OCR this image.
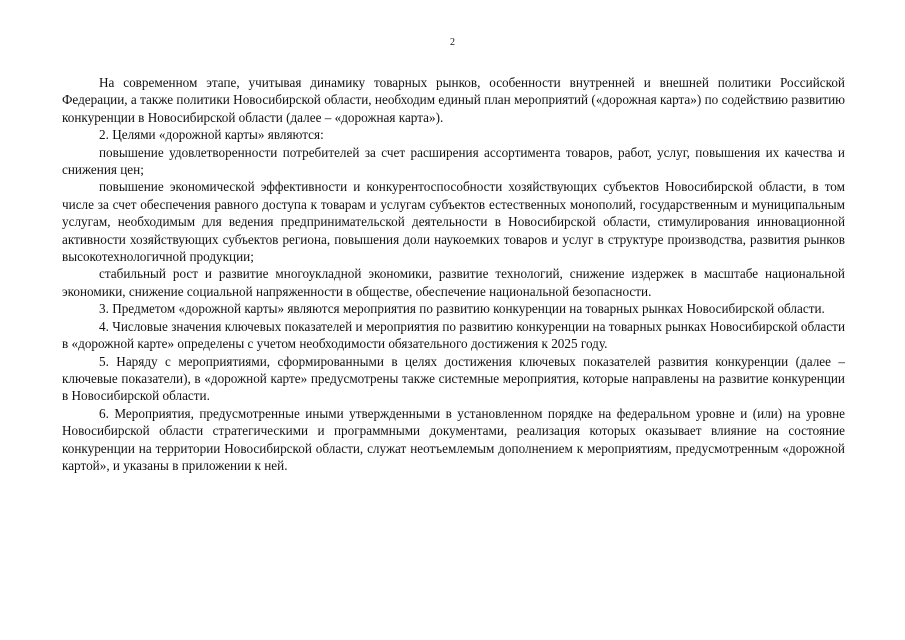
2

На современном этапе, учитывая динамику товарных рынков, особенности внутренней и внешней политики Российской Федерации, а также политики Новосибирской области, необходим единый план мероприятий («дорожная карта») по содействию развитию конкуренции в Новосибирской области (далее – «дорожная карта»).

2. Целями «дорожной карты» являются:

повышение удовлетворенности потребителей за счет расширения ассортимента товаров, работ, услуг, повышения их качества и снижения цен;

повышение экономической эффективности и конкурентоспособности хозяйствующих субъектов Новосибирской области, в том числе за счет обеспечения равного доступа к товарам и услугам субъектов естественных монополий, государственным и муниципальным услугам, необходимым для ведения предпринимательской деятельности в Новосибирской области, стимулирования инновационной активности хозяйствующих субъектов региона, повышения доли наукоемких товаров и услуг в структуре производства, развития рынков высокотехнологичной продукции;

стабильный рост и развитие многоукладной экономики, развитие технологий, снижение издержек в масштабе национальной экономики, снижение социальной напряженности в обществе, обеспечение национальной безопасности.

3. Предметом «дорожной карты» являются мероприятия по развитию конкуренции на товарных рынках Новосибирской области.

4. Числовые значения ключевых показателей и мероприятия по развитию конкуренции на товарных рынках Новосибирской области в «дорожной карте» определены с учетом необходимости обязательного достижения к 2025 году.

5. Наряду с мероприятиями, сформированными в целях достижения ключевых показателей развития конкуренции (далее – ключевые показатели), в «дорожной карте» предусмотрены также системные мероприятия, которые направлены на развитие конкуренции в Новосибирской области.

6. Мероприятия, предусмотренные иными утвержденными в установленном порядке на федеральном уровне и (или) на уровне Новосибирской области стратегическими и программными документами, реализация которых оказывает влияние на состояние конкуренции на территории Новосибирской области, служат неотъемлемым дополнением к мероприятиям, предусмотренным «дорожной картой», и указаны в приложении к ней.
